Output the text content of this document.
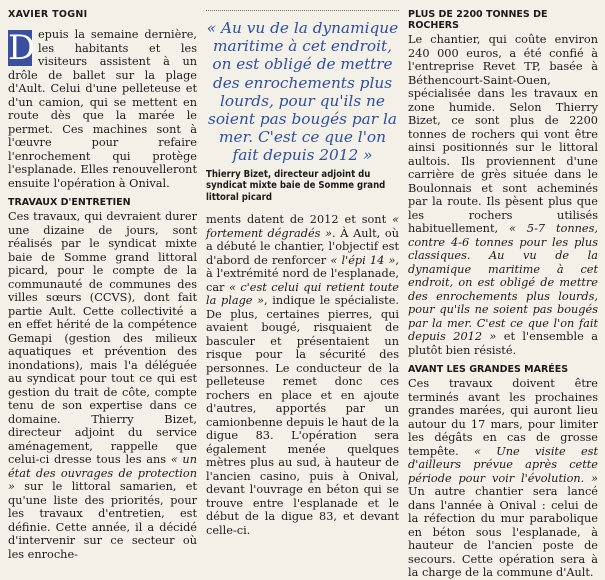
XAVIER TOGNI

D epuis la semaine dernière, les habitants et les visiteurs assistent à un drôle de ballet sur la plage d'Ault. Celui d'une pelleteuse et d'un camion, qui se mettent en route dès que la marée le permet. Ces machines sont à l'œuvre pour refaire l'enrochement qui protège l'esplanade. Elles renouvelleront ensuite l'opération à Onival.

TRAVAUX D'ENTRETIEN

Ces travaux, qui devraient durer une dizaine de jours, sont réalisés par le syndicat mixte baie de Somme grand littoral picard, pour le compte de la communauté de communes des villes sœurs (CCVS), dont fait partie Ault. Cette collectivité a en effet hérité de la compétence Gemapi (gestion des milieux aquatiques et prévention des inondations), mais l'a déléguée au syndicat pour tout ce qui est gestion du trait de côte, compte tenu de son expertise dans ce domaine. Thierry Bizet, directeur adjoint du service aménagement, rappelle que celui-ci dresse tous les ans « un état des ouvrages de protection » sur le littoral samarien, et qu'une liste des priorités, pour les travaux d'entretien, est définie. Cette année, il a décidé d'intervenir sur ce secteur où les enroche-

« Au vu de la dynamique maritime à cet endroit, on est obligé de mettre des enrochements plus lourds, pour qu'ils ne soient pas bougés par la mer. C'est ce que l'on fait depuis 2012 »
Thierry Bizet, directeur adjoint du syndicat mixte baie de Somme grand littoral picard

ments datent de 2012 et sont « fortement dégradés ». À Ault, où a débuté le chantier, l'objectif est d'abord de renforcer « l'épi 14 », à l'extrémité nord de l'esplanade, car « c'est celui qui retient toute la plage », indique le spécialiste. De plus, certaines pierres, qui avaient bougé, risquaient de basculer et présentaient un risque pour la sécurité des personnes. Le conducteur de la pelleteuse remet donc ces rochers en place et en ajoute d'autres, apportés par un camionbenne depuis le haut de la digue 83. L'opération sera également menée quelques mètres plus au sud, à hauteur de l'ancien casino, puis à Onival, devant l'ouvrage en béton qui se trouve entre l'esplanade et le début de la digue 83, et devant celle-ci.

PLUS DE 2200 TONNES DE ROCHERS

Le chantier, qui coûte environ 240 000 euros, a été confié à l'entreprise Revet TP, basée à Béthencourt-Saint-Ouen, spécialisée dans les travaux en zone humide. Selon Thierry Bizet, ce sont plus de 2200 tonnes de rochers qui vont être ainsi positionnés sur le littoral aultois. Ils proviennent d'une carrière de grès située dans le Boulonnais et sont acheminés par la route. Ils pèsent plus que les rochers utilisés habituellement, « 5-7 tonnes, contre 4-6 tonnes pour les plus classiques. Au vu de la dynamique maritime à cet endroit, on est obligé de mettre des enrochements plus lourds, pour qu'ils ne soient pas bougés par la mer. C'est ce que l'on fait depuis 2012 » et l'ensemble a plutôt bien résisté.

AVANT LES GRANDES MARÉES

Ces travaux doivent être terminés avant les prochaines grandes marées, qui auront lieu autour du 17 mars, pour limiter les dégâts en cas de grosse tempête. « Une visite est d'ailleurs prévue après cette période pour voir l'évolution. » Un autre chantier sera lancé dans l'année à Onival : celui de la réfection du mur parabolique en béton sous l'esplanade, à hauteur de l'ancien poste de secours. Cette opération sera à la charge de la commune d'Ault.
